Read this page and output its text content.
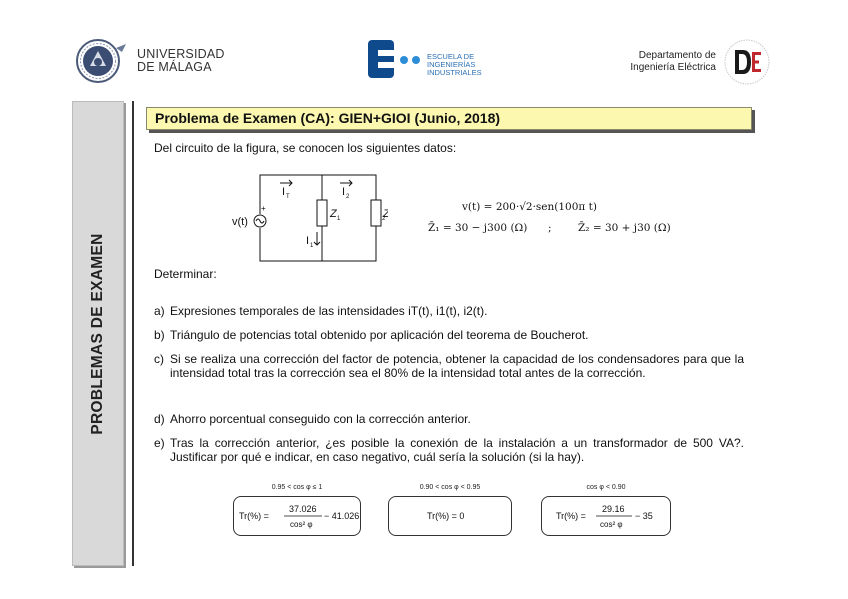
UNIVERSIDAD
DE MÁLAGA
ESCUELA DE
INGENIERÍAS
INDUSTRIALES
Departamento de
Ingeniería Eléctrica
PROBLEMAS DE EXAMEN
Problema de Examen (CA): GIEN+GIOI (Junio, 2018)
Del circuito de la figura, se conocen los siguientes datos:
+
v(t)
I T	I 2
I 1
Z 1	2
v(t) = 200·√2·sen(100π t)
Z̄₁ = 30 − j300 (Ω) ;	Z̄₂ = 30 + j30 (Ω)
Determinar:
a) Expresiones temporales de las intensidades iT(t), i1(t), i2(t).
b) Triángulo de potencias total obtenido por aplicación del teorema de Boucherot.
c) Si se realiza una corrección del factor de potencia, obtener la capacidad de los condensadores para que la intensidad total tras la corrección sea el 80% de la intensidad total antes de la corrección.
d) Ahorro porcentual conseguido con la corrección anterior.
e) Tras la corrección anterior, ¿es posible la conexión de la instalación a un transformador de 500 VA?. Justificar por qué e indicar, en caso negativo, cuál sería la solución (si la hay).
0.95 < cos φ ≤ 1
Tr(%) =
37.026
cos² φ
− 41.026
0.90 < cos φ < 0.95
Tr(%) = 0
cos φ < 0.90
Tr(%) =
29.16
cos² φ
− 35
